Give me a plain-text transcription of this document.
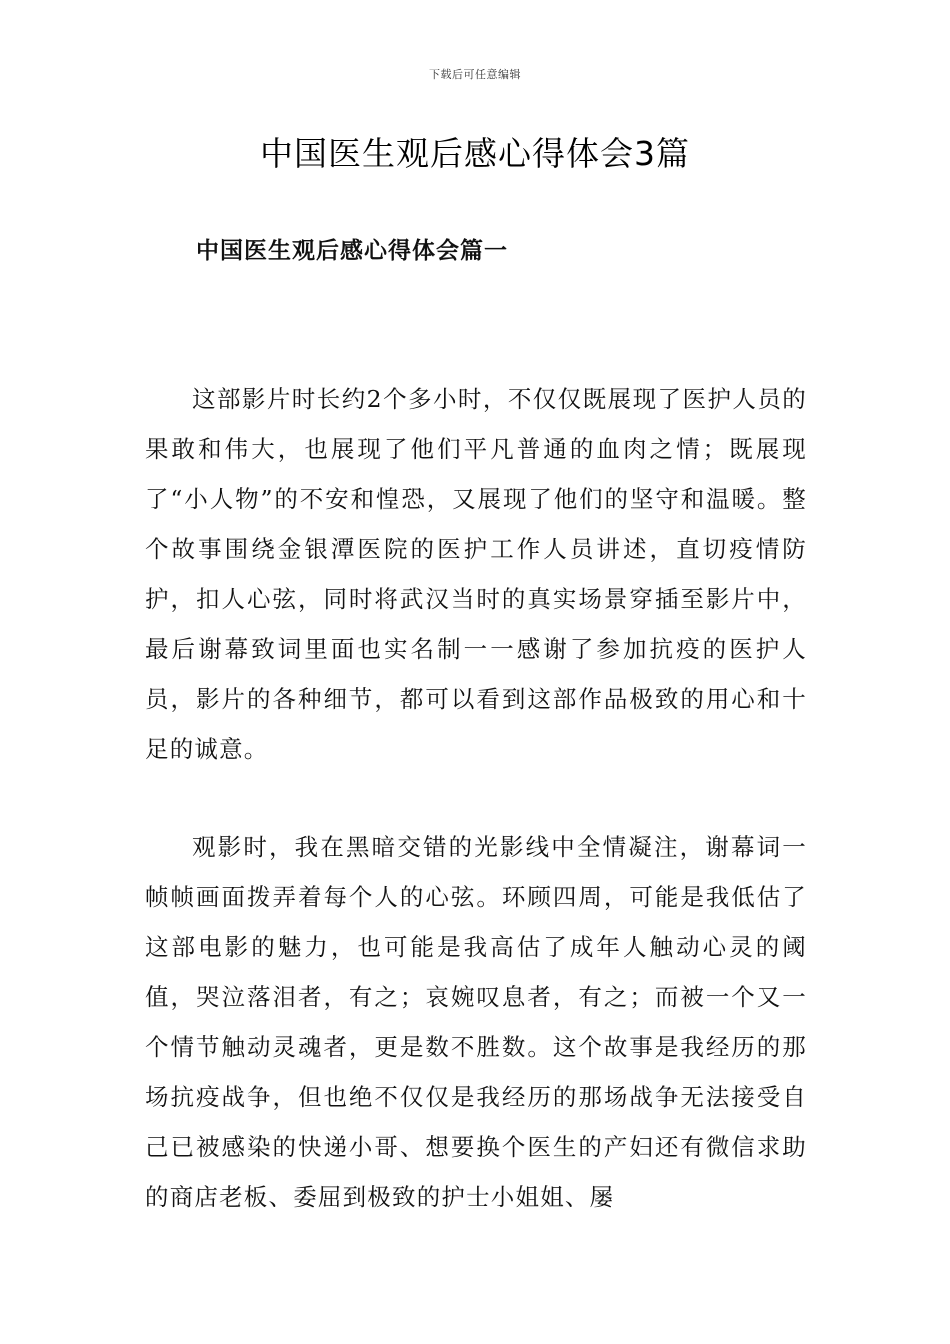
下载后可任意编辑
中国医生观后感心得体会3篇
中国医生观后感心得体会篇一

这部影片时长约2个多小时，不仅仅既展现了医护人员的果敢和伟大，也展现了他们平凡普通的血肉之情；既展现了“小人物”的不安和惶恐，又展现了他们的坚守和温暖。整个故事围绕金银潭医院的医护工作人员讲述，直切疫情防护，扣人心弦，同时将武汉当时的真实场景穿插至影片中，最后谢幕致词里面也实名制一一感谢了参加抗疫的医护人员，影片的各种细节，都可以看到这部作品极致的用心和十足的诚意。

观影时，我在黑暗交错的光影线中全情凝注，谢幕词一帧帧画面拨弄着每个人的心弦。环顾四周，可能是我低估了这部电影的魅力，也可能是我高估了成年人触动心灵的阈值，哭泣落泪者，有之；哀婉叹息者，有之；而被一个又一个情节触动灵魂者，更是数不胜数。这个故事是我经历的那场抗疫战争，但也绝不仅仅是我经历的那场战争无法接受自己已被感染的快递小哥、想要换个医生的产妇还有微信求助的商店老板、委屈到极致的护士小姐姐、屡
